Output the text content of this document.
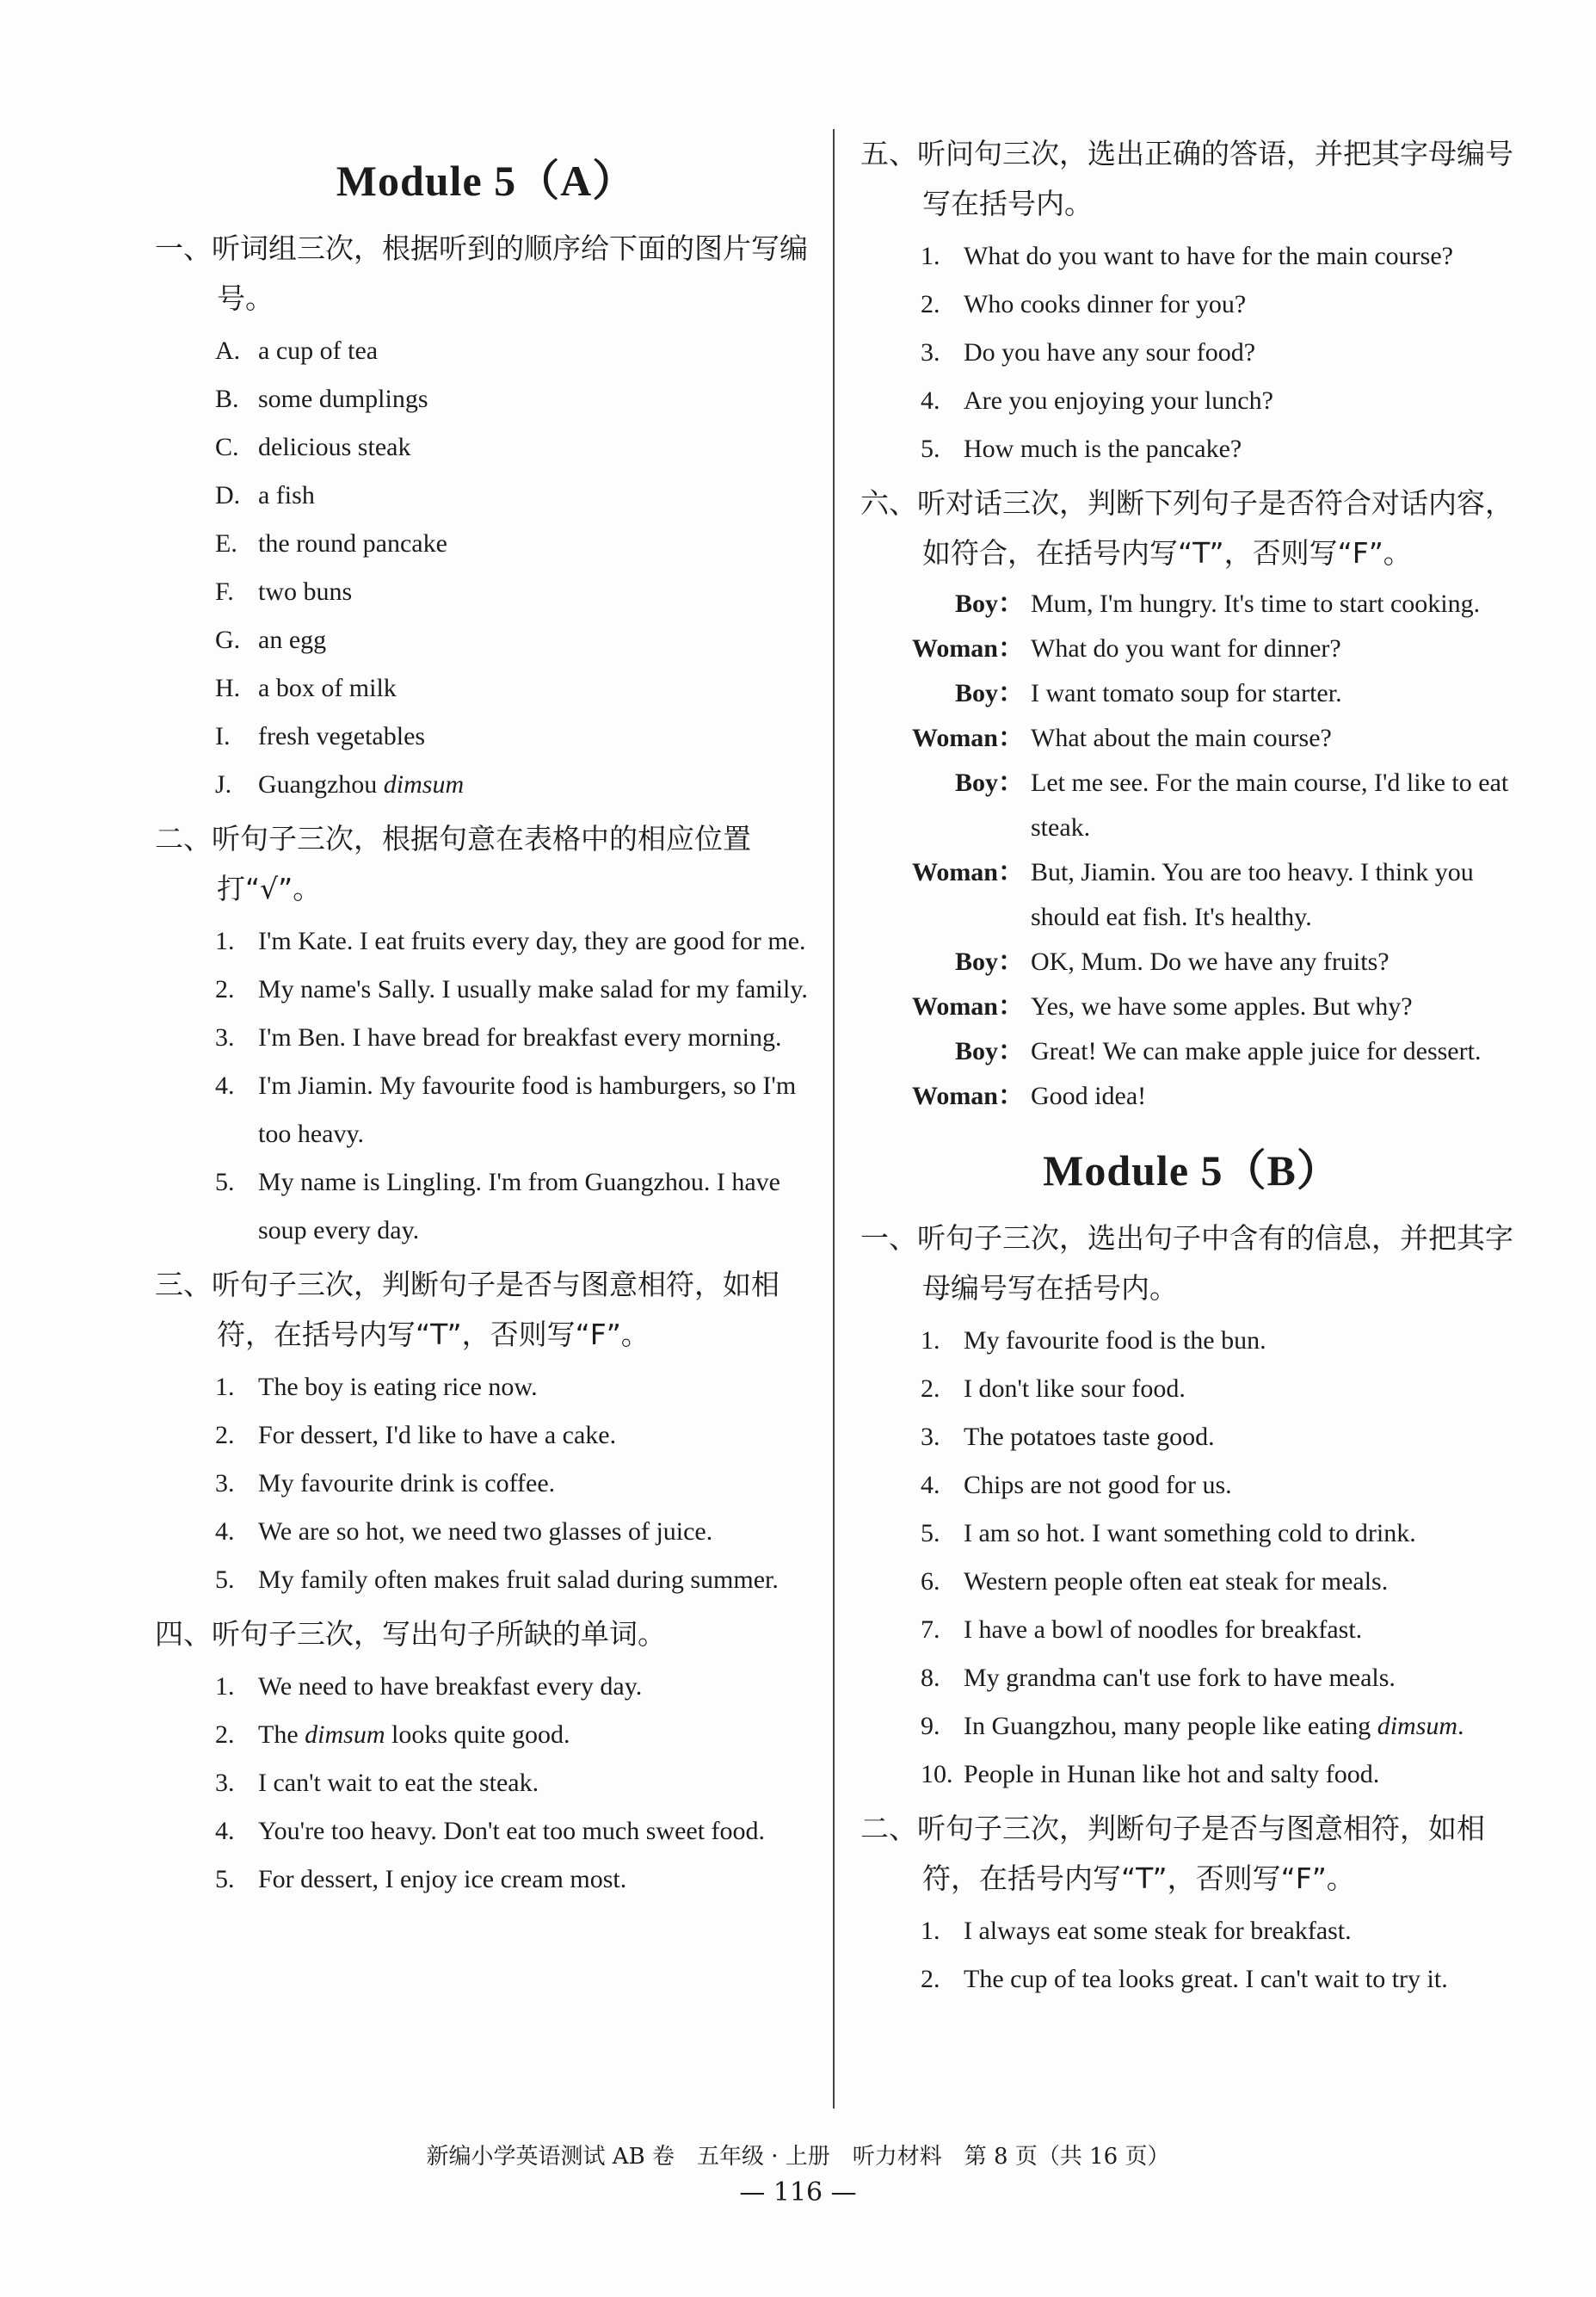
Module 5（A）

一、听词组三次，根据听到的顺序给下面的图片写编号。

A. a cup of tea
B. some dumplings
C. delicious steak
D. a fish
E. the round pancake
F. two buns
G. an egg
H. a box of milk
I. fresh vegetables
J. Guangzhou dimsum

二、听句子三次，根据句意在表格中的相应位置打“√”。

1. I'm Kate. I eat fruits every day, they are good for me.
2. My name's Sally. I usually make salad for my family.
3. I'm Ben. I have bread for breakfast every morning.
4. I'm Jiamin. My favourite food is hamburgers, so I'm too heavy.
5. My name is Lingling. I'm from Guangzhou. I have soup every day.

三、听句子三次，判断句子是否与图意相符，如相符，在括号内写“T”，否则写“F”。

1. The boy is eating rice now.
2. For dessert, I'd like to have a cake.
3. My favourite drink is coffee.
4. We are so hot, we need two glasses of juice.
5. My family often makes fruit salad during summer.

四、听句子三次，写出句子所缺的单词。

1. We need to have breakfast every day.
2. The dimsum looks quite good.
3. I can't wait to eat the steak.
4. You're too heavy. Don't eat too much sweet food.
5. For dessert, I enjoy ice cream most.

五、听问句三次，选出正确的答语，并把其字母编号写在括号内。

1. What do you want to have for the main course?
2. Who cooks dinner for you?
3. Do you have any sour food?
4. Are you enjoying your lunch?
5. How much is the pancake?

六、听对话三次，判断下列句子是否符合对话内容，如符合，在括号内写“T”，否则写“F”。

Boy： Mum, I'm hungry. It's time to start cooking.
Woman： What do you want for dinner?
Boy： I want tomato soup for starter.
Woman： What about the main course?
Boy： Let me see. For the main course, I'd like to eat steak.
Woman： But, Jiamin. You are too heavy. I think you should eat fish. It's healthy.
Boy： OK, Mum. Do we have any fruits?
Woman： Yes, we have some apples. But why?
Boy： Great! We can make apple juice for dessert.
Woman： Good idea!
Module 5（B）

一、听句子三次，选出句子中含有的信息，并把其字母编号写在括号内。

1. My favourite food is the bun.
2. I don't like sour food.
3. The potatoes taste good.
4. Chips are not good for us.
5. I am so hot. I want something cold to drink.
6. Western people often eat steak for meals.
7. I have a bowl of noodles for breakfast.
8. My grandma can't use fork to have meals.
9. In Guangzhou, many people like eating dimsum.
10. People in Hunan like hot and salty food.

二、听句子三次，判断句子是否与图意相符，如相符，在括号内写“T”，否则写“F”。

1. I always eat some steak for breakfast.
2. The cup of tea looks great. I can't wait to try it.
新编小学英语测试 AB 卷　五年级 · 上册　听力材料　第 8 页（共 16 页）
— 116 —
